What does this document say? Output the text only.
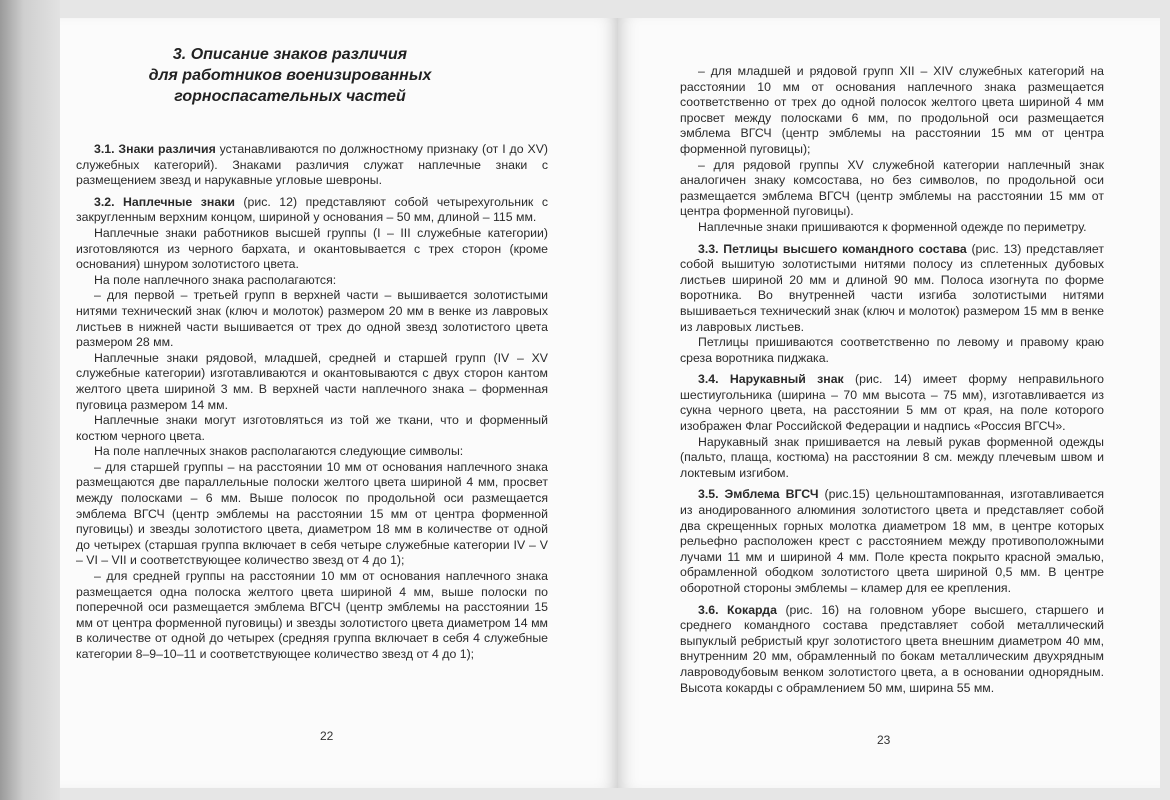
3. Описание знаков различия
для работников военизированных
горноспасательных частей

3.1. Знаки различия устанавливаются по должностному признаку (от I до XV) служебных категорий). Знаками различия служат наплечные знаки с размещением звезд и нарукавные угловые шевроны.

3.2. Наплечные знаки (рис. 12) представляют собой четырехугольник с закругленным верхним концом, шириной у основания – 50 мм, длиной – 115 мм.

Наплечные знаки работников высшей группы (I – III служебные категории) изготовляются из черного бархата, и окантовывается с трех сторон (кроме основания) шнуром золотистого цвета.

На поле наплечного знака располагаются:

– для первой – третьей групп в верхней части – вышивается золотистыми нитями технический знак (ключ и молоток) размером 20 мм в венке из лавровых листьев в нижней части вышивается от трех до одной звезд золотистого цвета размером 28 мм.

Наплечные знаки рядовой, младшей, средней и старшей групп (IV – XV служебные категории) изготавливаются и окантовываются с двух сторон кантом желтого цвета шириной 3 мм. В верхней части наплечного знака – форменная пуговица размером 14 мм.

Наплечные знаки могут изготовляться из той же ткани, что и форменный костюм черного цвета.

На поле наплечных знаков располагаются следующие символы:

– для старшей группы – на расстоянии 10 мм от основания наплечного знака размещаются две параллельные полоски желтого цвета шириной 4 мм, просвет между полосками – 6 мм. Выше полосок по продольной оси размещается эмблема ВГСЧ (центр эмблемы на расстоянии 15 мм от центра форменной пуговицы) и звезды золотистого цвета, диаметром 18 мм в количестве от одной до четырех (старшая группа включает в себя четыре служебные категории IV – V – VI – VII и соответствующее количество звезд от 4 до 1);

– для средней группы на расстоянии 10 мм от основания наплечного знака размещается одна полоска желтого цвета шириной 4 мм, выше полоски по поперечной оси размещается эмблема ВГСЧ (центр эмблемы на расстоянии 15 мм от центра форменной пуговицы) и звезды золотистого цвета диаметром 14 мм в количестве от одной до четырех (средняя группа включает в себя 4 служебные категории 8–9–10–11 и соответствующее количество звезд от 4 до 1);

22

– для младшей и рядовой групп XII – XIV служебных категорий на расстоянии 10 мм от основания наплечного знака размещается соответственно от трех до одной полосок желтого цвета шириной 4 мм просвет между полосками 6 мм, по продольной оси размещается эмблема ВГСЧ (центр эмблемы на расстоянии 15 мм от центра форменной пуговицы);

– для рядовой группы XV служебной категории наплечный знак аналогичен знаку комсостава, но без символов, по продольной оси размещается эмблема ВГСЧ (центр эмблемы на расстоянии 15 мм от центра форменной пуговицы).

Наплечные знаки пришиваются к форменной одежде по периметру.

3.3. Петлицы высшего командного состава (рис. 13) представляет собой вышитую золотистыми нитями полосу из сплетенных дубовых листьев шириной 20 мм и длиной 90 мм. Полоса изогнута по форме воротника. Во внутренней части изгиба золотистыми нитями вышиваеться технический знак (ключ и молоток) размером 15 мм в венке из лавровых листьев.

Петлицы пришиваются соответственно по левому и правому краю среза воротника пиджака.

3.4. Нарукавный знак (рис. 14) имеет форму неправильного шестиугольника (ширина – 70 мм высота – 75 мм), изготавливается из сукна черного цвета, на расстоянии 5 мм от края, на поле которого изображен Флаг Российской Федерации и надпись «Россия ВГСЧ».

Нарукавный знак пришивается на левый рукав форменной одежды (пальто, плаща, костюма) на расстоянии 8 см. между плечевым швом и локтевым изгибом.

3.5. Эмблема ВГСЧ (рис.15) цельноштампованная, изготавливается из анодированного алюминия золотистого цвета и представляет собой два скрещенных горных молотка диаметром 18 мм, в центре которых рельефно расположен крест с расстоянием между противоположными лучами 11 мм и шириной 4 мм. Поле креста покрыто красной эмалью, обрамленной ободком золотистого цвета шириной 0,5 мм. В центре оборотной стороны эмблемы – кламер для ее крепления.

3.6. Кокарда (рис. 16) на головном уборе высшего, старшего и среднего командного состава представляет собой металлический выпуклый ребристый круг золотистого цвета внешним диаметром 40 мм, внутренним 20 мм, обрамленный по бокам металлическим двухрядным лавроводубовым венком золотистого цвета, а в основании однорядным. Высота кокарды с обрамлением 50 мм, ширина 55 мм.

23
